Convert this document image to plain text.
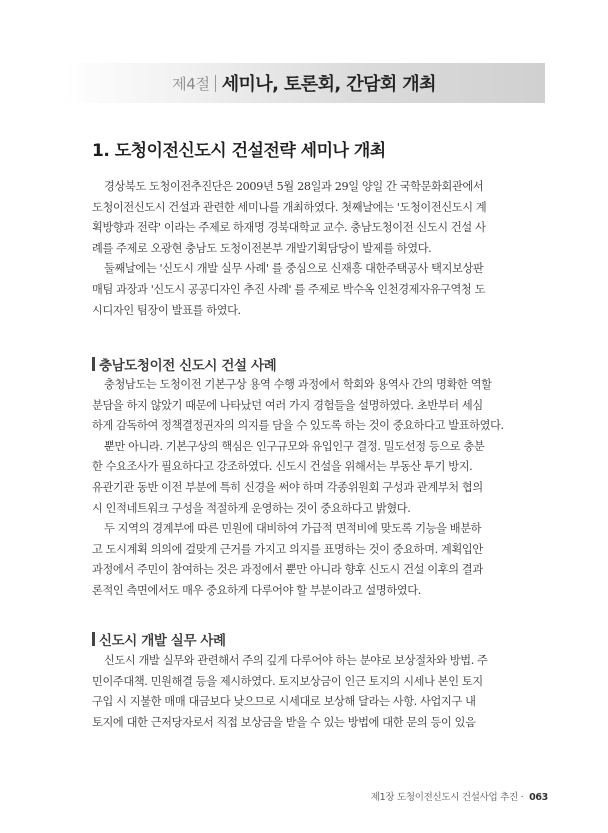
제4절 세미나, 토론회, 간담회 개최
1. 도청이전신도시 건설전략 세미나 개최
경상북도 도청이전추진단은 2009년 5월 28일과 29일 양일 간 국학문화회관에서
도청이전신도시 건설과 관련한 세미나를 개최하였다. 첫째날에는 '도청이전신도시 계
획방향과 전략' 이라는 주제로 하재명 경북대학교 교수. 충남도청이전 신도시 건설 사
례를 주제로 오광현 충남도 도청이전본부 개발기획담당이 발제를 하였다.
둘째날에는 '신도시 개발 실무 사례' 를 중심으로 신재흥 대한주택공사 택지보상판
매팀 과장과 '신도시 공공디자인 추진 사례' 를 주제로 박수옥 인천경제자유구역청 도
시디자인 팀장이 발표를 하였다.
충남도청이전 신도시 건설 사례
충청남도는 도청이전 기본구상 용역 수행 과정에서 학회와 용역사 간의 명확한 역할
분담을 하지 않았기 때문에 나타났던 여러 가지 경험들을 설명하였다. 초반부터 세심
하게 감독하여 정책결정권자의 의지를 담을 수 있도록 하는 것이 중요하다고 발표하였다.
뿐만 아니라. 기본구상의 핵심은 인구규모와 유입인구 결정. 밀도선정 등으로 충분
한 수요조사가 필요하다고 강조하였다. 신도시 건설을 위해서는 부동산 투기 방지.
유관기관 동반 이전 부분에 특히 신경을 써야 하며 각종위원회 구성과 관계부처 협의
시 인적네트워크 구성을 적절하게 운영하는 것이 중요하다고 밝혔다.
두 지역의 경계부에 따른 민원에 대비하여 가급적 면적비에 맞도록 기능을 배분하
고 도시계획 의의에 걸맞게 근거를 가지고 의지를 표명하는 것이 중요하며. 계획입안
과정에서 주민이 참여하는 것은 과정에서 뿐만 아니라 향후 신도시 건설 이후의 결과
론적인 측면에서도 매우 중요하게 다루어야 할 부분이라고 설명하였다.
신도시 개발 실무 사례
신도시 개발 실무와 관련해서 주의 깊게 다루어야 하는 분야로 보상절차와 방법. 주
민이주대책. 민원해결 등을 제시하였다. 토지보상금이 인근 토지의 시세나 본인 토지
구입 시 지불한 매매 대금보다 낮으므로 시세대로 보상해 달라는 사항. 사업지구 내
토지에 대한 근저당자로서 직접 보상금을 받을 수 있는 방법에 대한 문의 등이 있음
제1장 도청이전신도시 건설사업 추진 · 063
